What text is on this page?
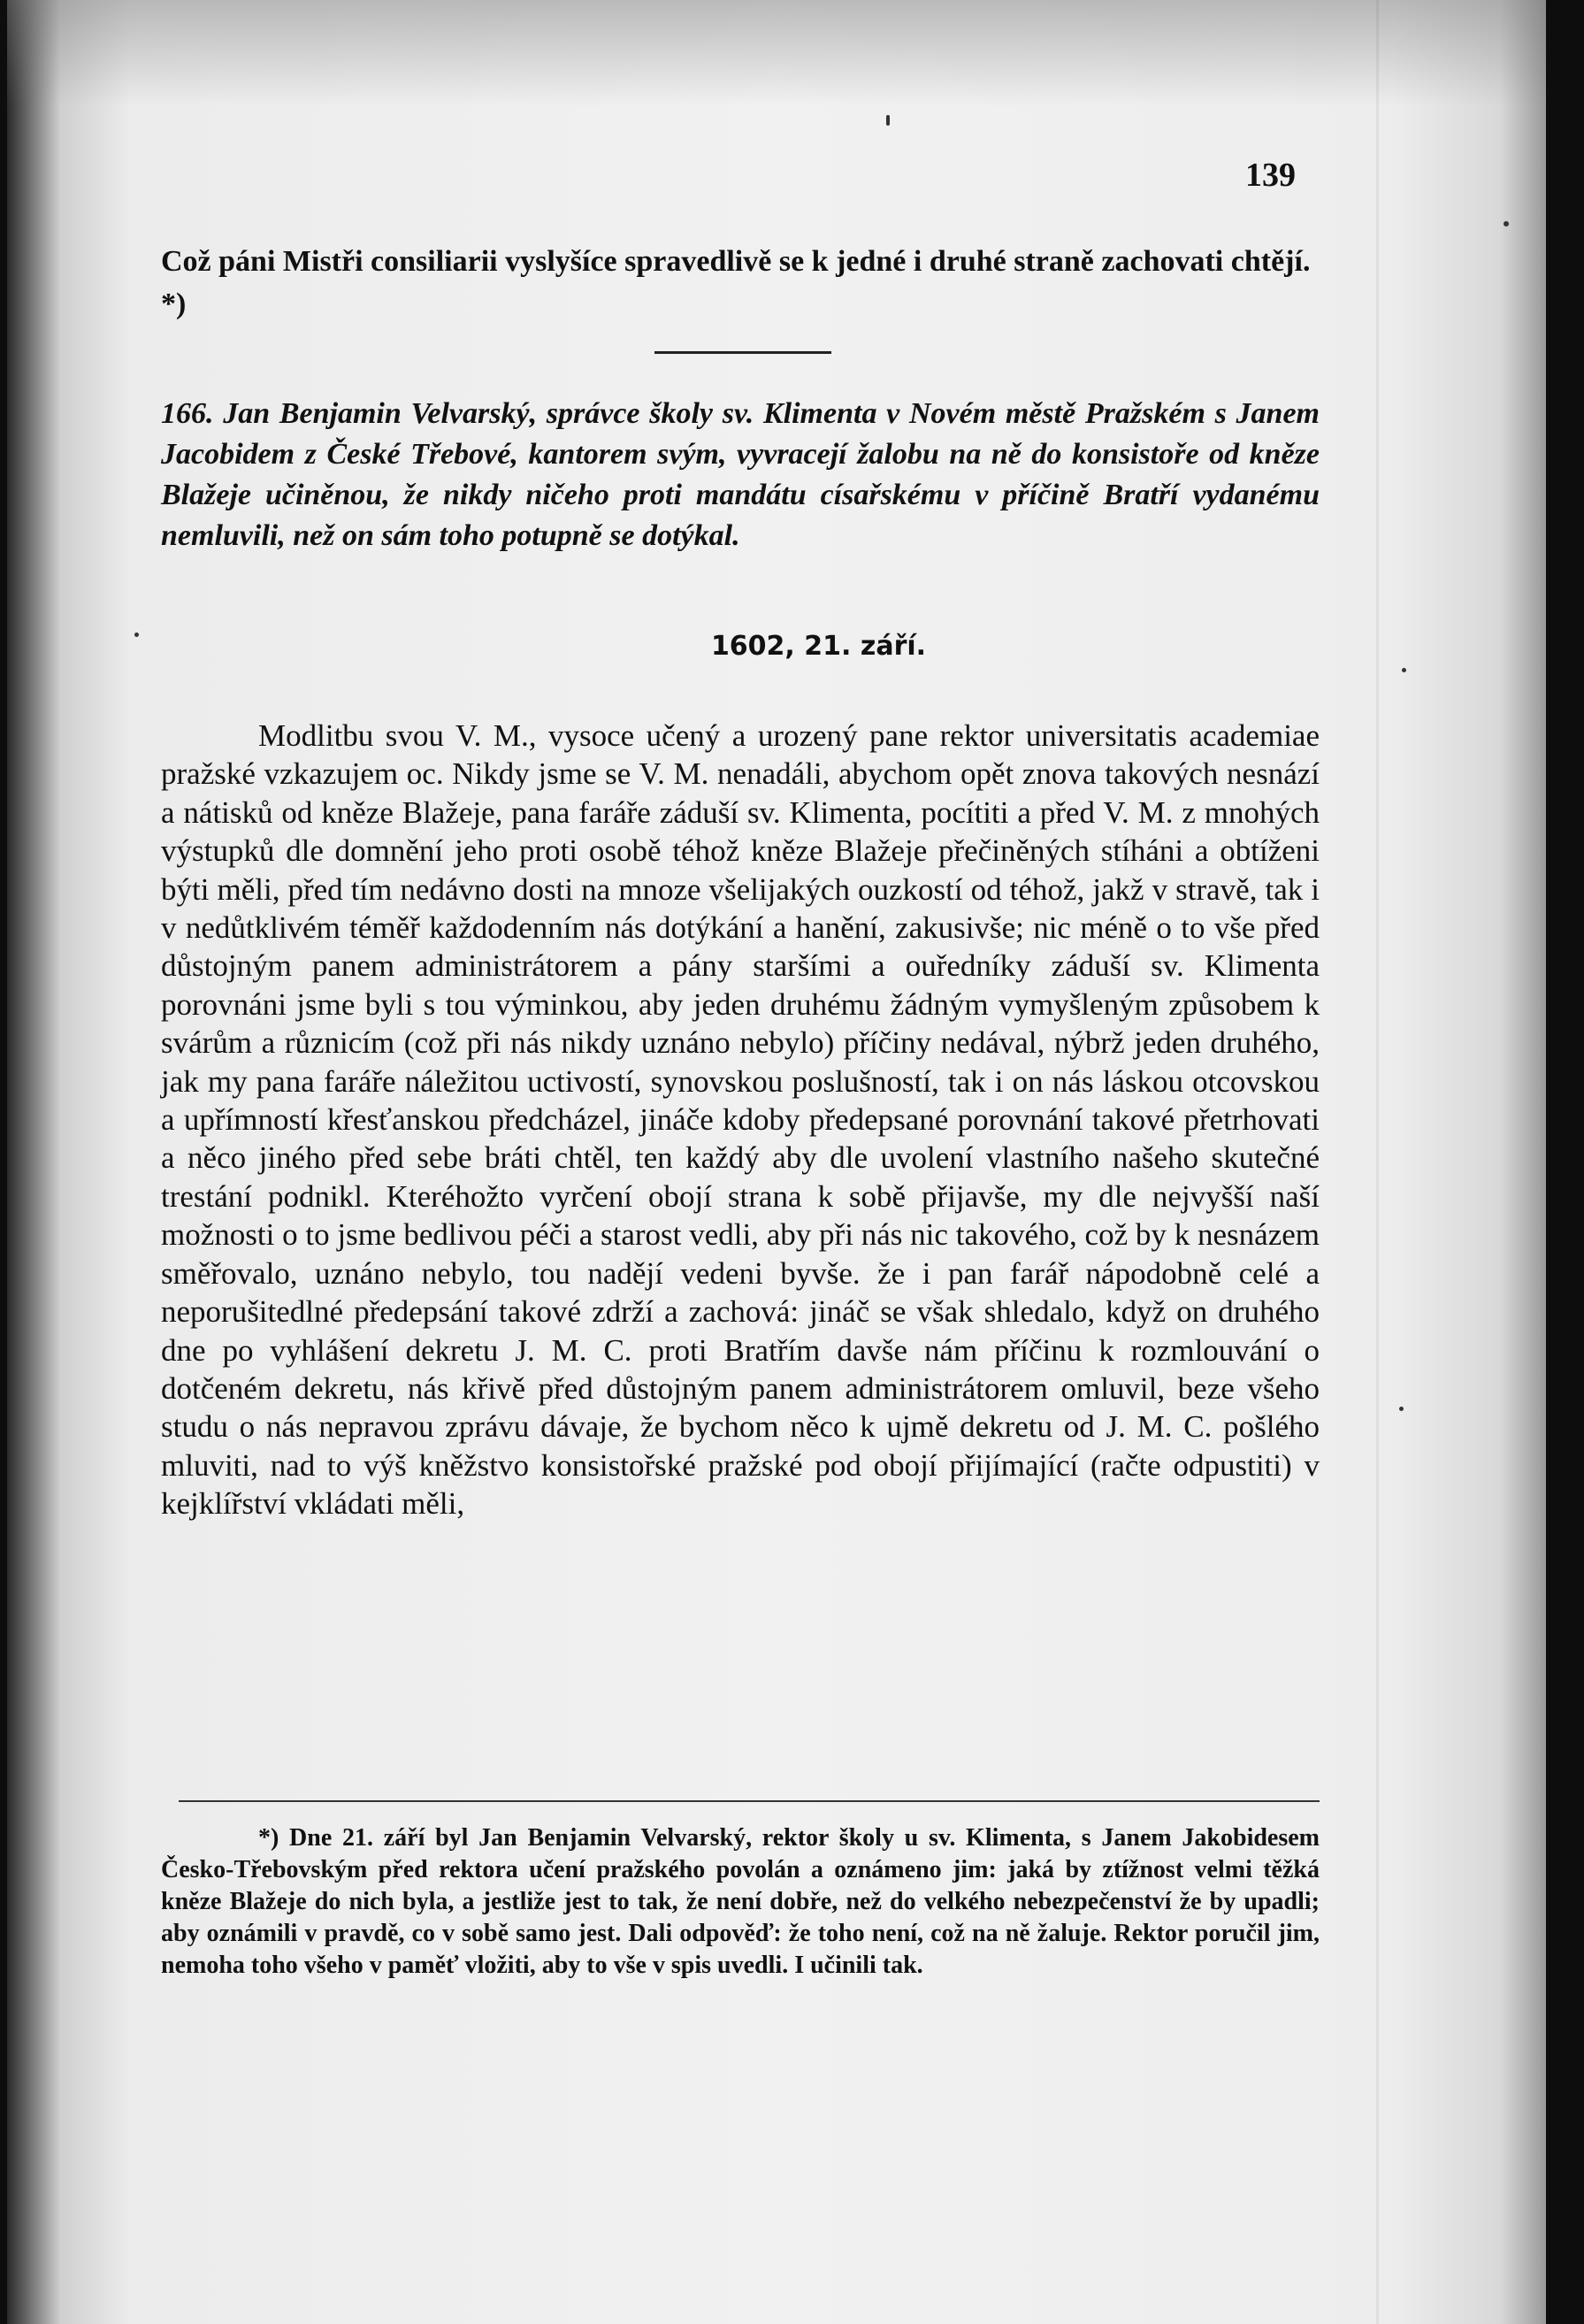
139
Což páni Mistři consiliarii vyslyšíce spravedlivě se k jedné i druhé straně zachovati chtějí. *)
166. Jan Benjamin Velvarský, správce školy sv. Klimenta v Novém městě Pražském s Janem Jacobidem z České Třebové, kantorem svým, vyvracejí žalobu na ně do konsistoře od kněze Blažeje učiněnou, že nikdy ničeho proti mandátu císařskému v příčině Bratří vydanému nemluvili, než on sám toho potupně se dotýkal.
1602, 21. září.
Modlitbu svou V. M., vysoce učený a urozený pane rektor universitatis academiae pražské vzkazujem oc. Nikdy jsme se V. M. nenadáli, abychom opět znova takových nesnází a nátisků od kněze Blažeje, pana faráře záduší sv. Klimenta, pocítiti a před V. M. z mnohých výstupků dle domnění jeho proti osobě téhož kněze Blažeje přečiněných stíháni a obtíženi býti měli, před tím nedávno dosti na mnoze všelijakých ouzkostí od téhož, jakž v stravě, tak i v nedůtklivém téměř každodenním nás dotýkání a hanění, zakusivše; nic méně o to vše před důstojným panem administrátorem a pány staršími a ouředníky záduší sv. Klimenta porovnáni jsme byli s tou výminkou, aby jeden druhému žádným vymyšleným způsobem k svárům a různicím (což při nás nikdy uznáno nebylo) příčiny nedával, nýbrž jeden druhého, jak my pana faráře náležitou uctivostí, synovskou poslušností, tak i on nás láskou otcovskou a upřímností křesťanskou předcházel, jináče kdoby předepsané porovnání takové přetrhovati a něco jiného před sebe bráti chtěl, ten každý aby dle uvolení vlastního našeho skutečné trestání podnikl. Kteréhožto vyrčení obojí strana k sobě přijavše, my dle nejvyšší naší možnosti o to jsme bedlivou péči a starost vedli, aby při nás nic takového, což by k nesnázem směřovalo, uznáno nebylo, tou nadějí vedeni byvše. že i pan farář nápodobně celé a neporušitedlné předepsání takové zdrží a zachová: jináč se však shledalo, když on druhého dne po vyhlášení dekretu J. M. C. proti Bratřím davše nám příčinu k rozmlouvání o dotčeném dekretu, nás křivě před důstojným panem administrátorem omluvil, beze všeho studu o nás nepravou zprávu dávaje, že bychom něco k ujmě dekretu od J. M. C. pošlého mluviti, nad to výš kněžstvo konsistořské pražské pod obojí přijímající (račte odpustiti) v kejklířství vkládati měli,
*) Dne 21. září byl Jan Benjamin Velvarský, rektor školy u sv. Klimenta, s Janem Jakobidesem Česko-Třebovským před rektora učení pražského povolán a oznámeno jim: jaká by ztížnost velmi těžká kněze Blažeje do nich byla, a jestliže jest to tak, že není dobře, než do velkého nebezpečenství že by upadli; aby oznámili v pravdě, co v sobě samo jest. Dali odpověď: že toho není, což na ně žaluje. Rektor poručil jim, nemoha toho všeho v paměť vložiti, aby to vše v spis uvedli. I učinili tak.
